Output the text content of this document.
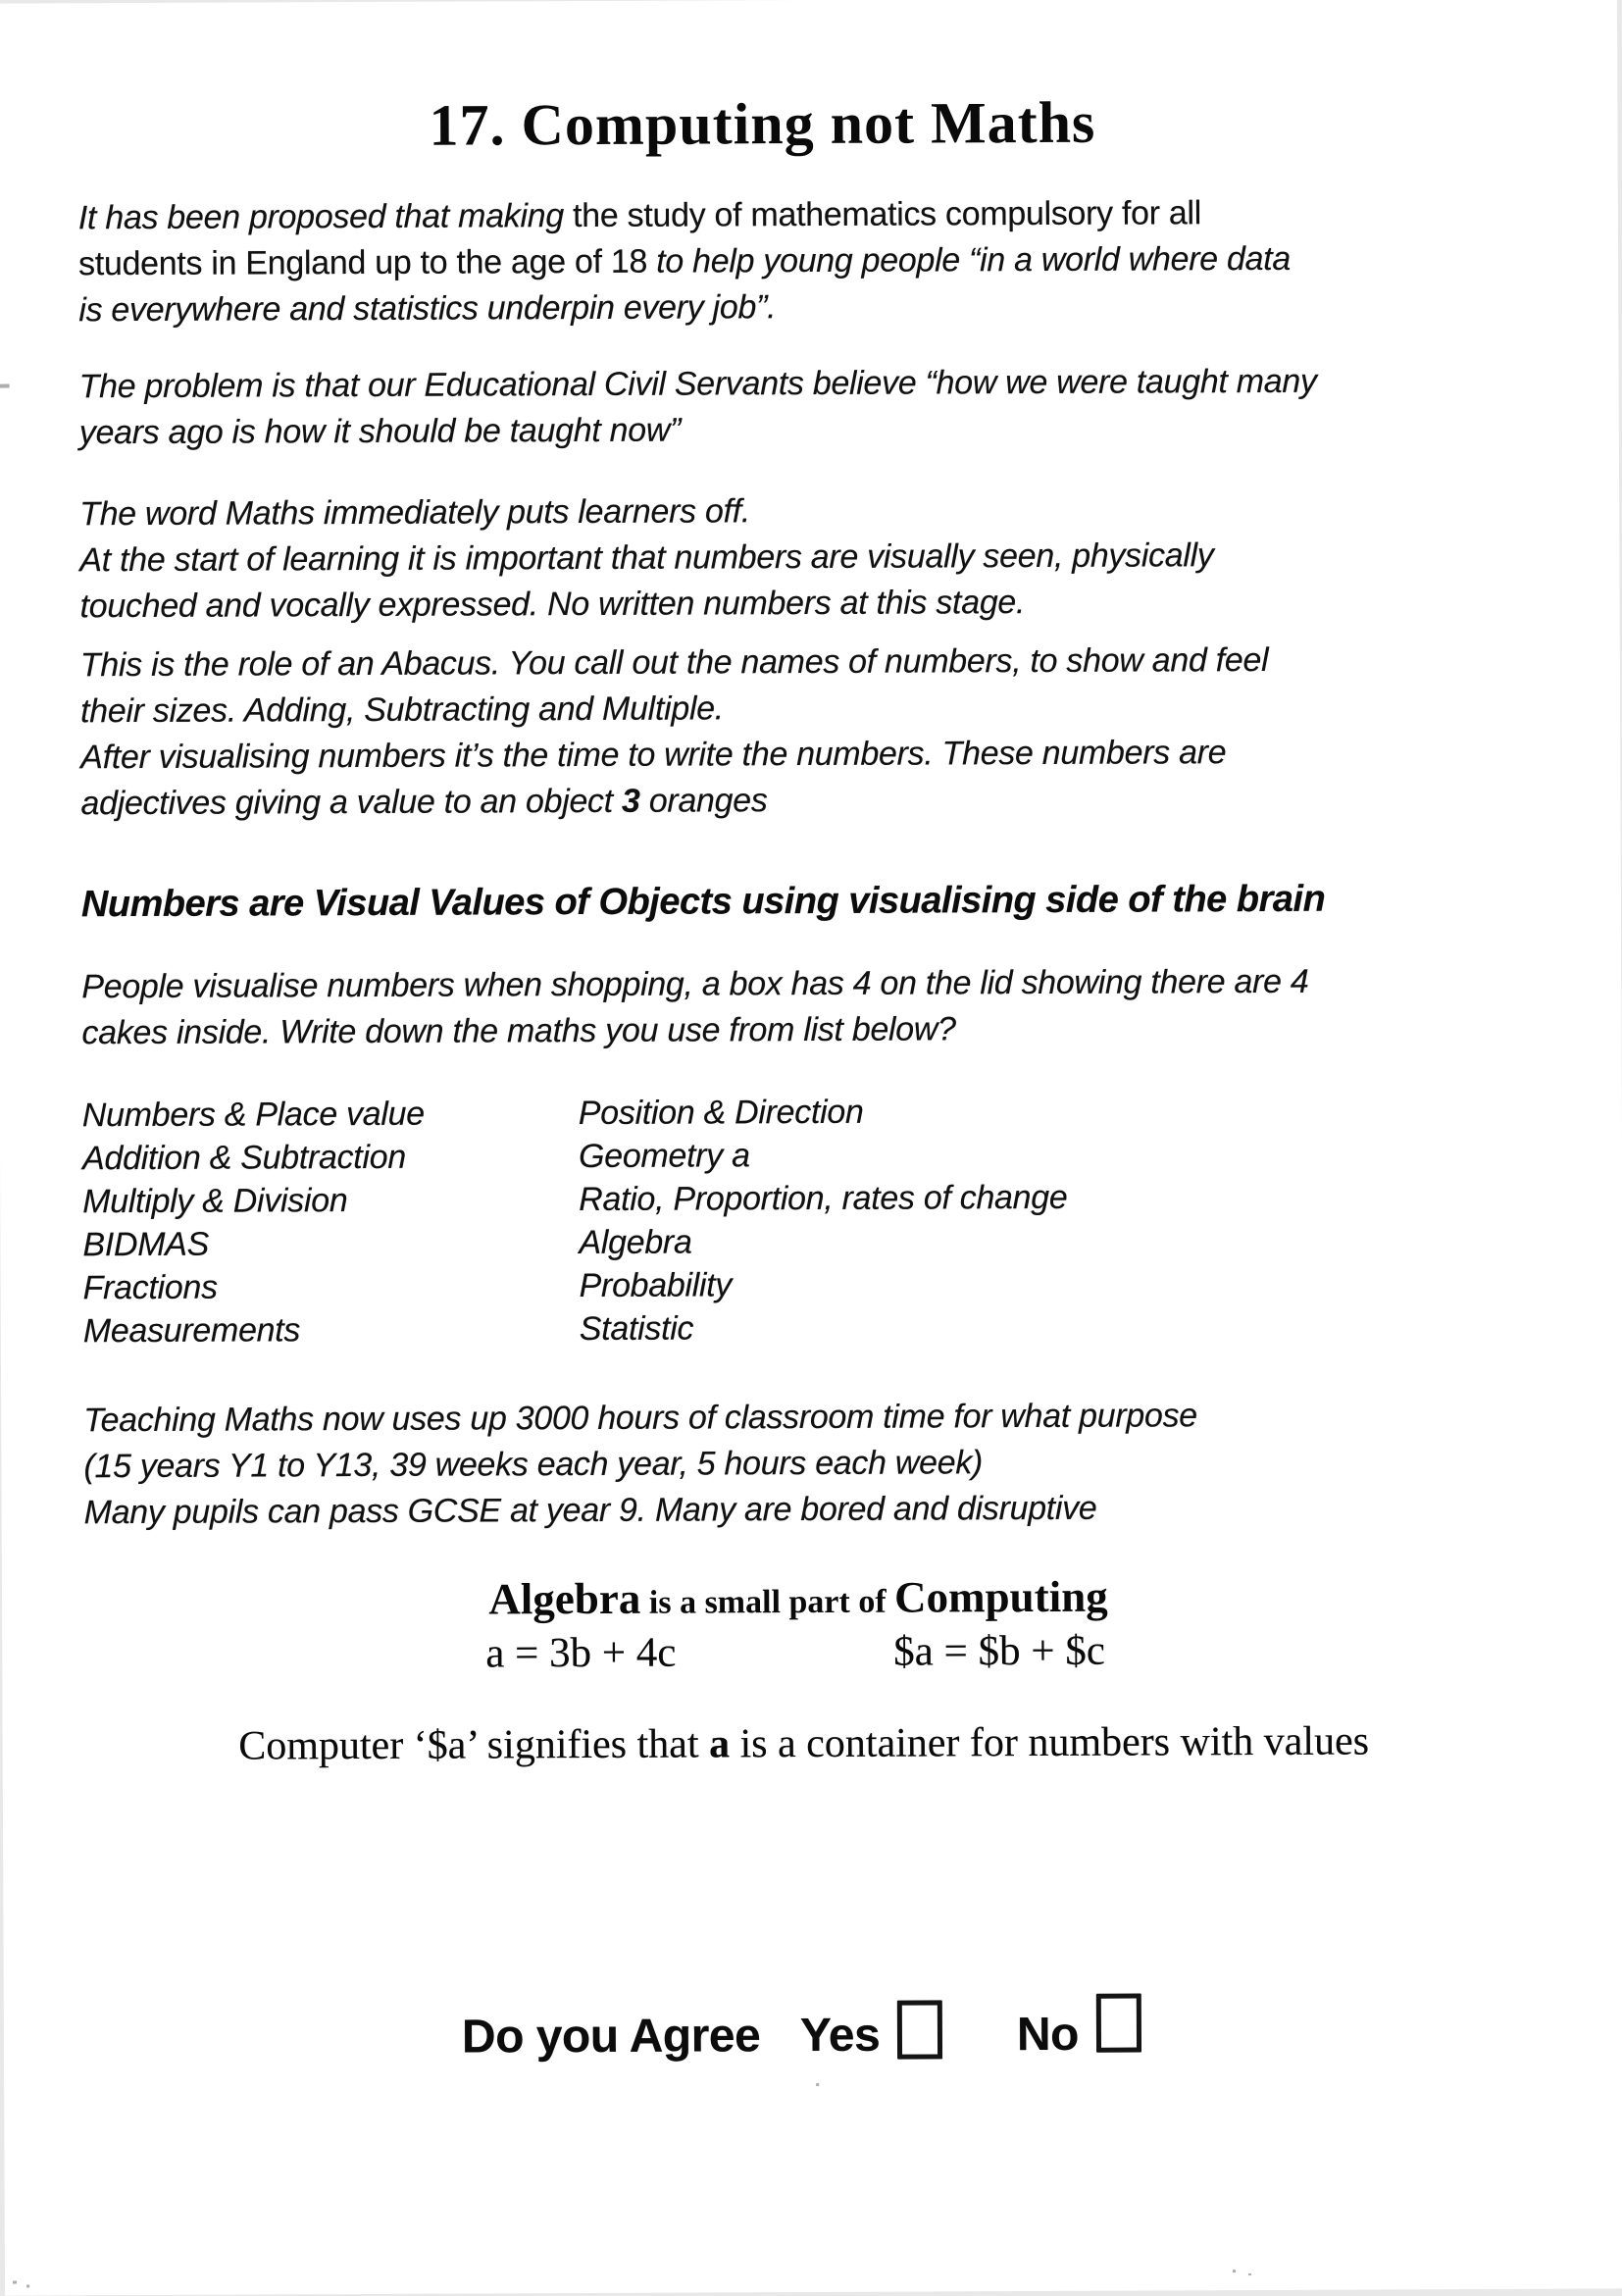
17. Computing not Maths
It has been proposed that making the study of mathematics compulsory for all
students in England up to the age of 18 to help young people “in a world where data
is everywhere and statistics underpin every job”.
The problem is that our Educational Civil Servants believe “how we were taught many
years ago is how it should be taught now”
The word Maths immediately puts learners off.
At the start of learning it is important that numbers are visually seen, physically
touched and vocally expressed. No written numbers at this stage.
This is the role of an Abacus. You call out the names of numbers, to show and feel
their sizes. Adding, Subtracting and Multiple.
After visualising numbers it’s the time to write the numbers. These numbers are
adjectives giving a value to an object 3 oranges
Numbers are Visual Values of Objects using visualising side of the brain
People visualise numbers when shopping, a box has 4 on the lid showing there are 4
cakes inside. Write down the maths you use from list below?
Numbers & Place value
Addition & Subtraction
Multiply & Division
BIDMAS
Fractions
Measurements
Position & Direction
Geometry a
Ratio, Proportion, rates of change
Algebra
Probability
Statistic
Teaching Maths now uses up 3000 hours of classroom time for what purpose
(15 years Y1 to Y13, 39 weeks each year, 5 hours each week)
Many pupils can pass GCSE at year 9. Many are bored and disruptive
Algebra is a small part of Computing
a = 3b + 4c	$a = $b + $c
Computer ‘$a’ signifies that a is a container for numbers with values
Do you Agree Yes	No
